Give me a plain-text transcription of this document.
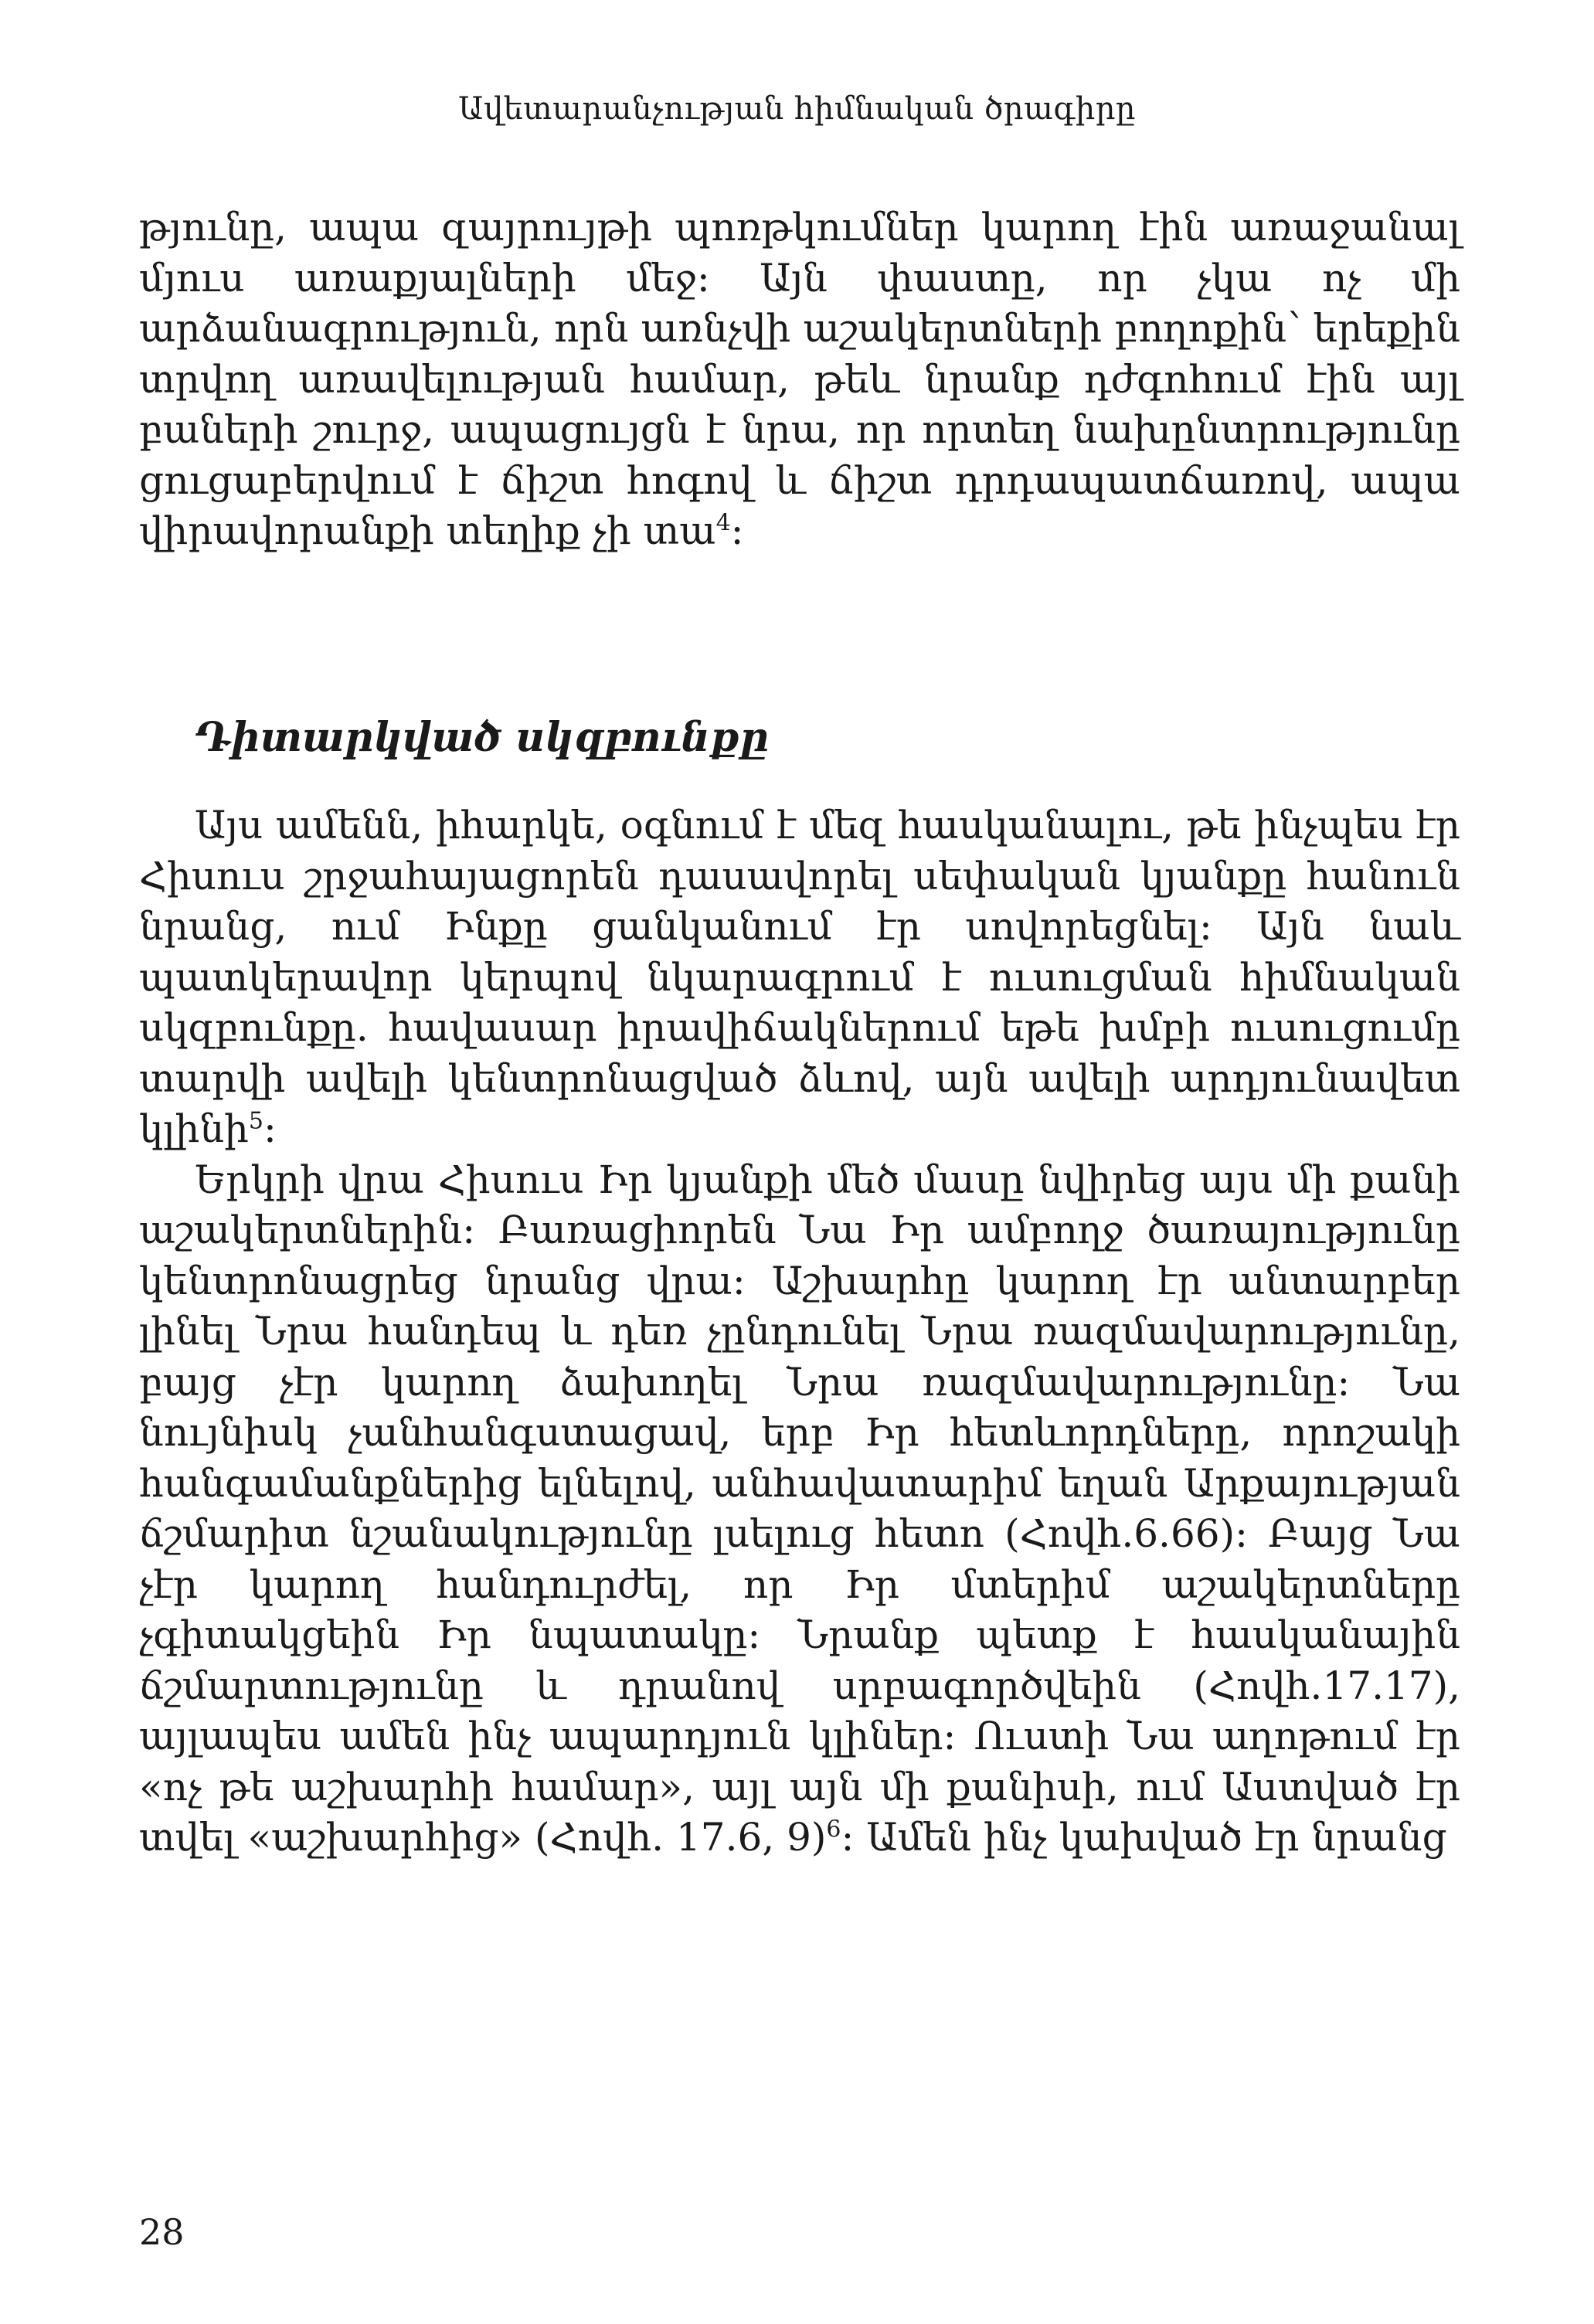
Ավետարանչության հիմնական ծրագիրը

թյունը, ապա զայրույթի պոռթկումներ կարող էին առաջանալ մյուս առաքյալների մեջ: Այն փաստը, որ չկա ոչ մի արձանագրություն, որն առնչվի աշակերտների բողոքին՝ երեքին տրվող առավելության համար, թեև նրանք դժգոհում էին այլ բաների շուրջ, ապացույցն է նրա, որ որտեղ նախընտրությունը ցուցաբերվում է ճիշտ հոգով և ճիշտ դրդապատճառով, ապա վիրավորանքի տեղիք չի տա$^4$:

Դիտարկված սկզբունքը

Այս ամենն, իհարկե, օգնում է մեզ հասկանալու, թե ինչպես էր Հիսուս շրջահայացորեն դասավորել սեփական կյանքը հանուն նրանց, ում Ինքը ցանկանում էր սովորեցնել: Այն նաև պատկերավոր կերպով նկարագրում է ուսուցման հիմնական սկզբունքը. հավասար իրավիճակներում եթե խմբի ուսուցումը տարվի ավելի կենտրոնացված ձևով, այն ավելի արդյունավետ կլինի$^5$:

Երկրի վրա Հիսուս Իր կյանքի մեծ մասը նվիրեց այս մի քանի աշակերտներին: Բառացիորեն Նա Իր ամբողջ ծառայությունը կենտրոնացրեց նրանց վրա: Աշխարհը կարող էր անտարբեր լինել Նրա հանդեպ և դեռ չընդունել Նրա ռազմավարությունը, բայց չէր կարող ձախողել Նրա ռազմավարությունը: Նա նույնիսկ չանհանգստացավ, երբ Իր հետևորդները, որոշակի հանգամանքներից ելնելով, անհավատարիմ եղան Արքայության ճշմարիտ նշանակությունը լսելուց հետո (Հովհ.6.66): Բայց Նա չէր կարող հանդուրժել, որ Իր մտերիմ աշակերտները չգիտակցեին Իր նպատակը: Նրանք պետք է հասկանային ճշմարտությունը և դրանով սրբագործվեին (Հովհ.17.17), այլապես ամեն ինչ ապարդյուն կլիներ: Ուստի Նա աղոթում էր «ոչ թե աշխարհի համար», այլ այն մի քանիսի, ում Աստված էր տվել «աշխարհից» (Հովհ. 17.6, 9)$^6$: Ամեն ինչ կախված էր նրանց

28
